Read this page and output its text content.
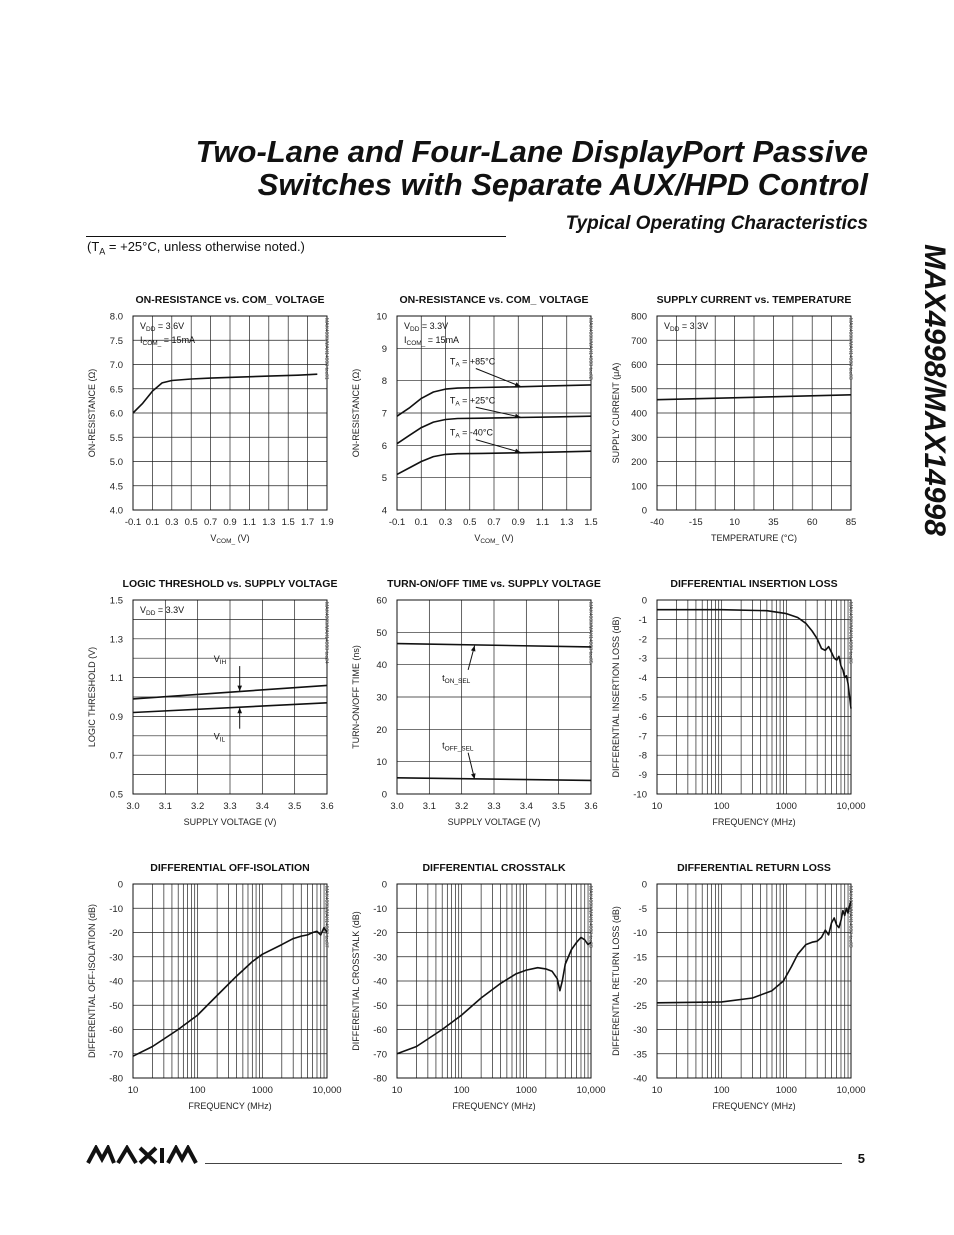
Two-Lane and Four-Lane DisplayPort Passive
Switches with Separate AUX/HPD Control
Typical Operating Characteristics
($T_A = +25^\circ C$, unless otherwise noted.)	MAX4998/MAX14998
-0.1 0.1 0.3 0.5 0.7 0.9 1.1 1.3 1.5 1.7 1.9
4.0
4.5
5.0
5.5
6.0
6.5
7.0
7.5
8.0
ON-RESISTANCE vs. COM_ VOLTAGE
$V_{COM\_}$ (V)
ON-RESISTANCE (Ω)
MAX4998/MAX14998 toc01
$V_{DD} = 3.6V$
$I_{COM\_} = 15mA$
-0.1 0.1 0.3 0.5 0.7 0.9 1.1 1.3 1.5
4
5
6
7
8
9
10
ON-RESISTANCE vs. COM_ VOLTAGE
$V_{COM\_}$ (V)
ON-RESISTANCE (Ω)
MAX4998/MAX14998 toc02
$V_{DD} = 3.3V$
$I_{COM\_} = 15mA$
$T_A = +85^\circ C$
$T_A = +25^\circ C$
$T_A = -40^\circ C$
-40	-15	10	35	60	85
0
100
200
300
400
500
600
700
800
SUPPLY CURRENT vs. TEMPERATURE
TEMPERATURE (°C)
SUPPLY CURRENT (μA)
MAX4998/MAX14998 toc03
$V_{DD} = 3.3V$
3.0 3.1 3.2 3.3 3.4 3.5 3.6
0.5
0.7
0.9
1.1
1.3
1.5
LOGIC THRESHOLD vs. SUPPLY VOLTAGE
SUPPLY VOLTAGE (V)
LOGIC THRESHOLD (V)
MAX4998/MAX14998 toc04
$V_{DD} = 3.3V$
$V_{IH}$
$V_{IL}$
3.0 3.1 3.2 3.3 3.4 3.5 3.6
0
10
20
30
40
50
60
TURN-ON/OFF TIME vs. SUPPLY VOLTAGE
SUPPLY VOLTAGE (V)
TURN-ON/OFF TIME (ns)
MAX4998/MAX14998 toc05
$t_{ON\_SEL}$
$t_{OFF\_SEL}$
10	100	1000	10,000
-10
-9
-8
-7
-6
-5
-4
-3
-2
-1
0
DIFFERENTIAL INSERTION LOSS
FREQUENCY (MHz)
DIFFERENTIAL INSERTION LOSS (dB)	MAX4998/MAX14998 toc06
10	100	1000	10,000
-80
-70
-60
-50
-40
-30
-20
-10
0
DIFFERENTIAL OFF-ISOLATION
FREQUENCY (MHz)
DIFFERENTIAL OFF-ISOLATION (dB)	MAX4998/MAX14998 toc07
10	100	1000	10,000
-80
-70
-60
-50
-40
-30
-20
-10
0
DIFFERENTIAL CROSSTALK
FREQUENCY (MHz)
DIFFERENTIAL CROSSTALK (dB)	MAX4998/MAX14998 toc08
10	100	1000	10,000
-40
-35
-30
-25
-20
-15
-10
-5
0
DIFFERENTIAL RETURN LOSS
FREQUENCY (MHz)
DIFFERENTIAL RETURN LOSS (dB)	MAX4998/MAX14998 toc09
5
